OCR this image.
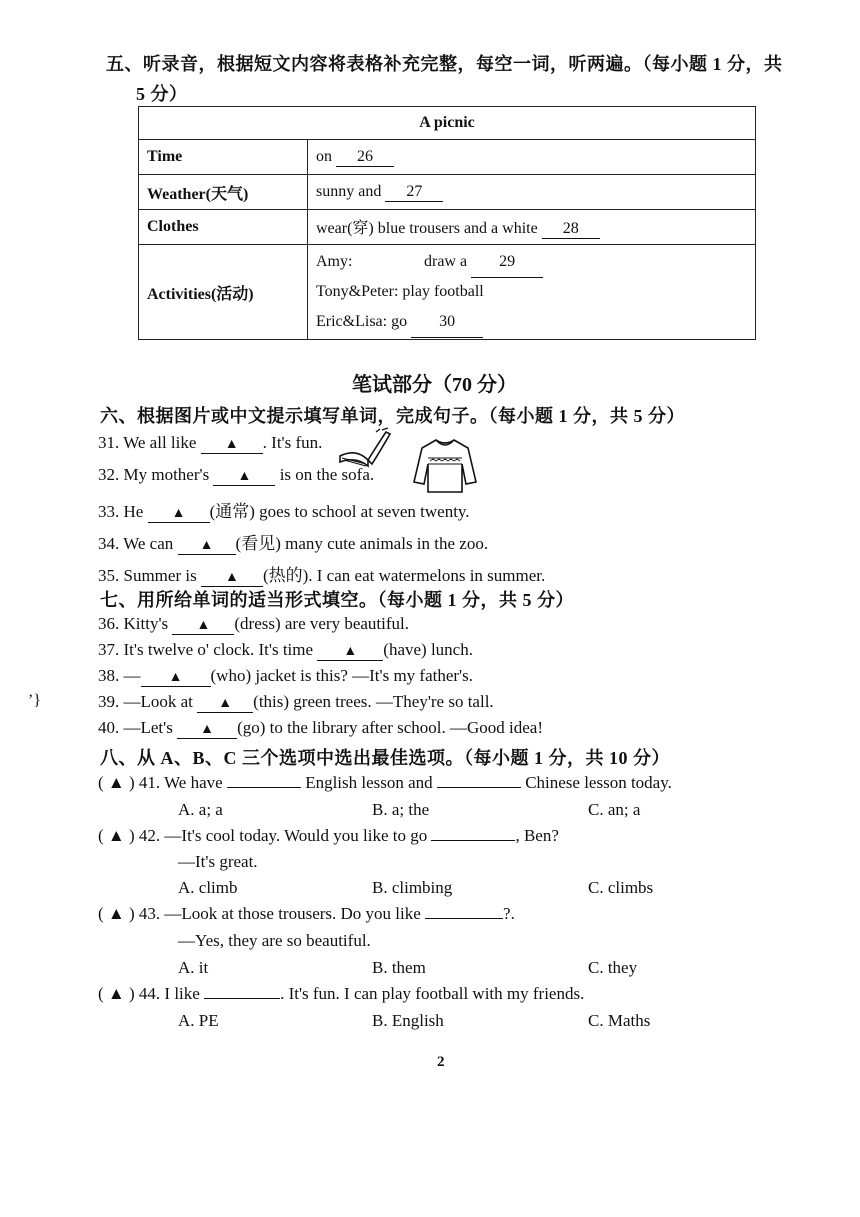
五、听录音，根据短文内容将表格补充完整，每空一词，听两遍。（每小题 1 分，共
5 分）
A picnic	
Time	on 26
Weather(天气)	sunny and 27
Clothes	wear(穿) blue trousers and a white 28
Activities(活动)	Amy: draw a 29
Tony&Peter: play football
Eric&Lisa: go 30
笔试部分（70 分）
六、根据图片或中文提示填写单词，完成句子。（每小题 1 分，共 5 分）
31. We all like ▲ . It's fun.
32. My mother's ▲ is on the sofa.
33. He ▲ (通常) goes to school at seven twenty.
34. We can ▲ (看见) many cute animals in the zoo.
35. Summer is ▲ (热的). I can eat watermelons in summer.
七、用所给单词的适当形式填空。（每小题 1 分，共 5 分）
36. Kitty's ▲ (dress) are very beautiful.
37. It's twelve o' clock. It's time ▲ (have) lunch.
38. — ▲ (who) jacket is this? —It's my father's.
ʼ}	39. —Look at ▲ (this) green trees. —They're so tall.
40. —Let's ▲ (go) to the library after school. —Good idea!
八、从 A、B、C 三个选项中选出最佳选项。（每小题 1 分，共 10 分）
( ▲ ) 41. We have	English lesson and	Chinese lesson today.
A. a; a	B. a; the	C. an; a
( ▲ ) 42. —It's cool today. Would you like to go	, Ben?
—It's great.
A. climb	B. climbing	C. climbs
( ▲ ) 43. —Look at those trousers. Do you like	?.
—Yes, they are so beautiful.
A. it	B. them	C. they
( ▲ ) 44. I like	. It's fun. I can play football with my friends.
A. PE	B. English	C. Maths
2
